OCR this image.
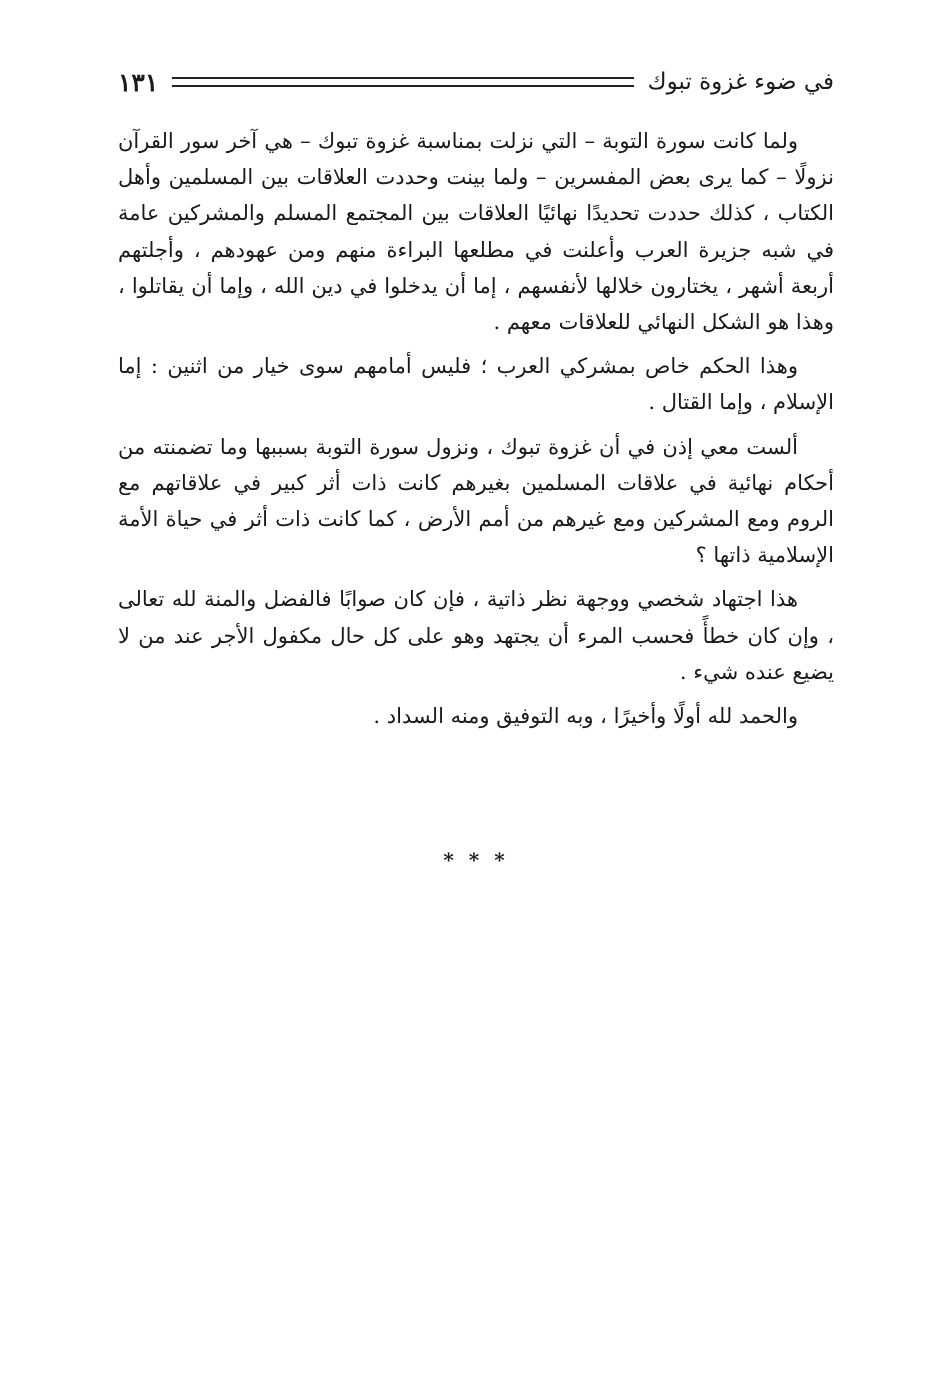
في ضوء غزوة تبوك
١٣١

ولما كانت سورة التوبة – التي نزلت بمناسبة غزوة تبوك – هي آخر سور القرآن نزولًا – كما يرى بعض المفسرين – ولما بينت وحددت العلاقات بين المسلمين وأهل الكتاب ، كذلك حددت تحديدًا نهائيًا العلاقات بين المجتمع المسلم والمشركين عامة في شبه جزيرة العرب وأعلنت في مطلعها البراءة منهم ومن عهودهم ، وأجلتهم أربعة أشهر ، يختارون خلالها لأنفسهم ، إما أن يدخلوا في دين الله ، وإما أن يقاتلوا ، وهذا هو الشكل النهائي للعلاقات معهم .

وهذا الحكم خاص بمشركي العرب ؛ فليس أمامهم سوى خيار من اثنين : إما الإسلام ، وإما القتال .

ألست معي إذن في أن غزوة تبوك ، ونزول سورة التوبة بسببها وما تضمنته من أحكام نهائية في علاقات المسلمين بغيرهم كانت ذات أثر كبير في علاقاتهم مع الروم ومع المشركين ومع غيرهم من أمم الأرض ، كما كانت ذات أثر في حياة الأمة الإسلامية ذاتها ؟

هذا اجتهاد شخصي ووجهة نظر ذاتية ، فإن كان صوابًا فالفضل والمنة لله تعالى ، وإن كان خطأً فحسب المرء أن يجتهد وهو على كل حال مكفول الأجر عند من لا يضيع عنده شيء .

والحمد لله أولًا وأخيرًا ، وبه التوفيق ومنه السداد .

* * *
